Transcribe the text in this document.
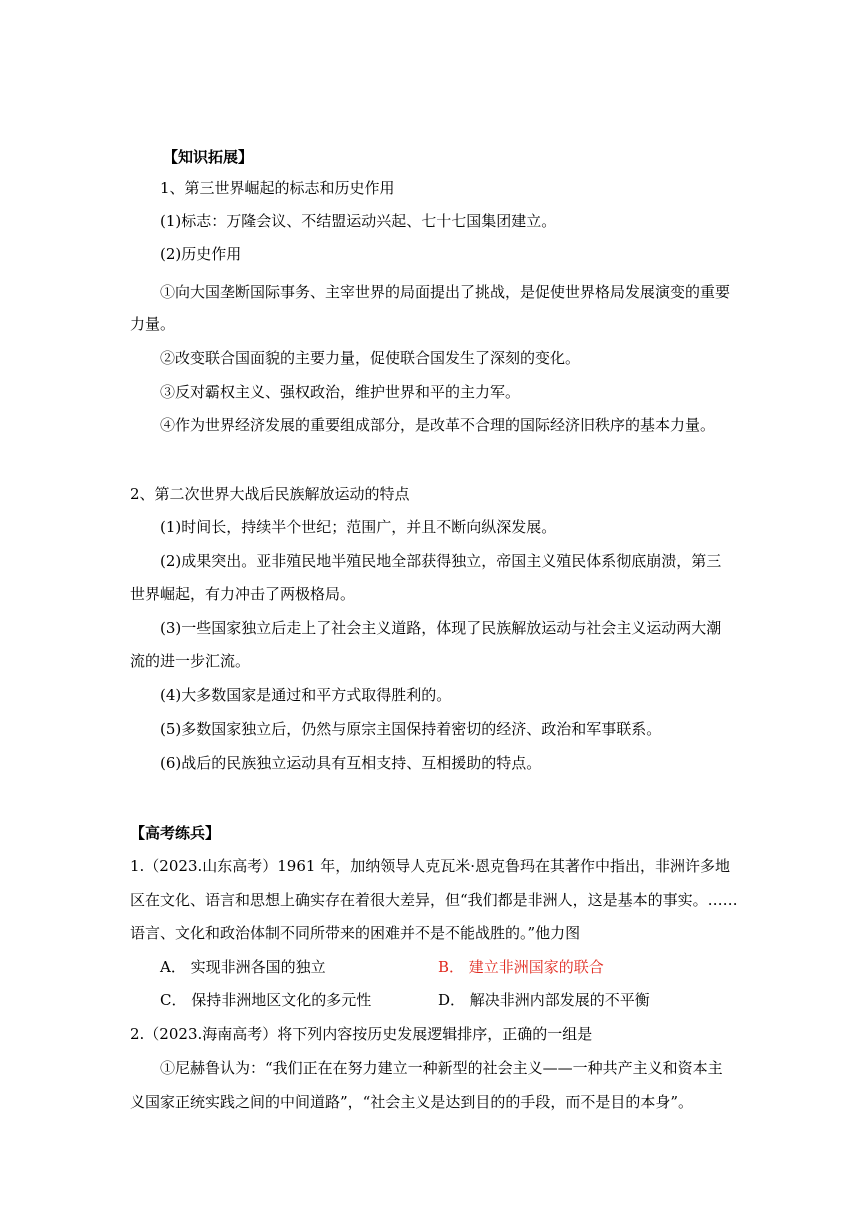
【知识拓展】
1、第三世界崛起的标志和历史作用
(1)标志：万隆会议、不结盟运动兴起、七十七国集团建立。
(2)历史作用
①向大国垄断国际事务、主宰世界的局面提出了挑战，是促使世界格局发展演变的重要
力量。
②改变联合国面貌的主要力量，促使联合国发生了深刻的变化。
③反对霸权主义、强权政治，维护世界和平的主力军。
④作为世界经济发展的重要组成部分，是改革不合理的国际经济旧秩序的基本力量。
2、第二次世界大战后民族解放运动的特点
(1)时间长，持续半个世纪；范围广，并且不断向纵深发展。
(2)成果突出。亚非殖民地半殖民地全部获得独立，帝国主义殖民体系彻底崩溃，第三
世界崛起，有力冲击了两极格局。
(3)一些国家独立后走上了社会主义道路，体现了民族解放运动与社会主义运动两大潮
流的进一步汇流。
(4)大多数国家是通过和平方式取得胜利的。
(5)多数国家独立后，仍然与原宗主国保持着密切的经济、政治和军事联系。
(6)战后的民族独立运动具有互相支持、互相援助的特点。
【高考练兵】
1.（2023.山东高考）1961 年，加纳领导人克瓦米·恩克鲁玛在其著作中指出，非洲许多地
区在文化、语言和思想上确实存在着很大差异，但“我们都是非洲人，这是基本的事实。……
语言、文化和政治体制不同所带来的困难并不是不能战胜的。”他力图
A． 实现非洲各国的独立	B． 建立非洲国家的联合
C． 保持非洲地区文化的多元性	D． 解决非洲内部发展的不平衡
2.（2023.海南高考）将下列内容按历史发展逻辑排序，正确的一组是
①尼赫鲁认为：“我们正在在努力建立一种新型的社会主义——一种共产主义和资本主
义国家正统实践之间的中间道路”，“社会主义是达到目的的手段，而不是目的本身”。
